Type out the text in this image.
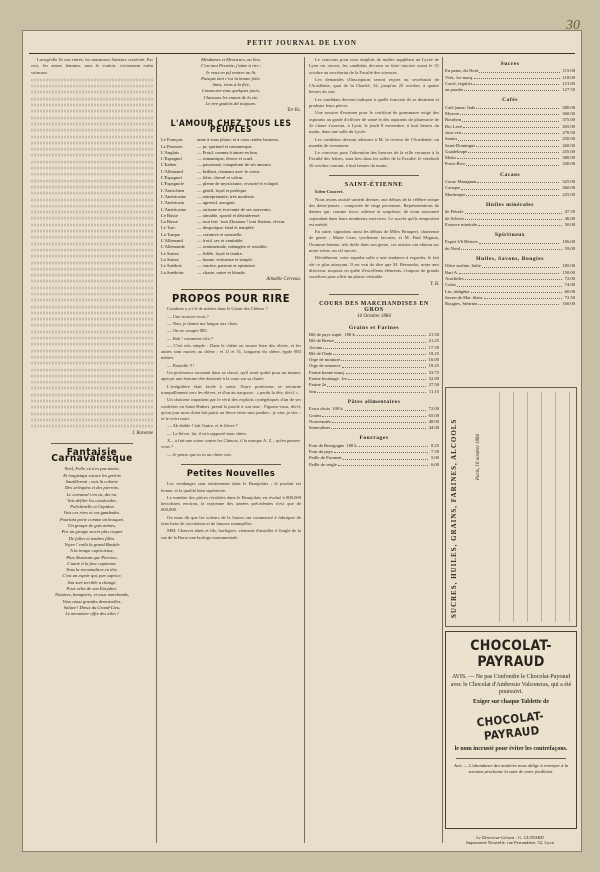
PETIT JOURNAL DE LYON

Lorsqu'elle fit son entrée, les murmures flatteurs cessèrent. Par ceci, les autres femmes, sans le vouloir, s'avouaient enfin vaincues.

J. Ravenne
Fantaisie Carnavalesque

Noel, Folle, tu n'es pas morte,

Et longtemps encore les grelots

Sautilleront ; vois la cohorte

Des arlequins et des pierrots.

Le carnaval s'en va, dis-on.

Vois défiler les cavalcades,

Polichinelle et Cupidon

Vois ces rires et ces gambades.

Pourtant porte comme un bouquet,

Un groupe de gais mimes,

Par un groupe secret plus coquet

De folles et tendres filles.

Voyez ! voilà la grand Bastide

A la troupe capricieuse,

Plus illustrant que Pierrine,

L'autre à la face capiteuse.

Vous la reconnaîtrez en tête,

C'est un espoir qui, par caprice,

Son sort terrible a changé.

Pour celui de son Eurydice.

Notaires, banquiers, et vous marchands,

Vous aussi grandes demoiselles,

Saluez ! Dieux du Grand-Lieu,

Le menuisier offre des ailes !

Mesdames et Messieurs, au lieu,
C'est moi Perrette, j'aime à rire ;
Je veux en pif rentrer au lit.
Puisque moi c'est la bonne folie.
Amis, riens à la fête,
Consacrez-vous quelques jours,
Chassons les ennuis de la vie,
Le rire gaulois dit toujours.

Tor Ks.
L'AMOUR CHEZ TOUS LES PEUPLES
Le Français	aime à vous plaire, et à vous rendre heureux.
Le Prussien	— pr, spirituel et romanesque.
L'Anglais	— Froid, comme à aimer en bon.
L'Espagnol	— romantique, féroce et cruel.
L'Italien	— passionné, conquérant de ses amours.
L'Allemand	— brillant, chantant avec le coeur.
L'Espagnol	— fière, cheval et valeur.
L'Espagnole	— pleine de mysticisme, vivacité et volupté.
L'Autrichien	— gentil, loyal et poétique.
L'Américaine	— entreprenante, très moderne.
L'Américain	— agressif, arrogant.
L'Américaine	— artisane et écrivante de ses souvenirs.
Le Russe	— aimable, sportif et désintéressé.
La Russe	— tout fort ' tout Zbonaux ! tout flatteur, rêveur.
Le Turc	— despotique, fatal et tempéré.
La Turque	— craintive et sensuelle.
L'Allemand	— froid, sec et vanitable.
L'Allemande	— sentimentale, ménagère et sensible.
Le Suisse	— fidèle, loyal et tendre.
La Suisse	— bonne, vertueuse et simple.
Le Suédois	— sincère, patriote et optimiste.
La Suédoise	— chaste, naïve et blonde.
Aimable Cerveau.
PROPOS POUR RIRE

Combien y a-t-il de mètres dans le Géant des Chênes ?

— Une trouvez-vous ?

— Non, je donne ma langue aux chats.

— On en compte 883.

— Bah ! comment cela ?

— C'est très simple : Dans le chêne on trouve bien des olives, et les autres sont mortes au chêne ; et 11 et 31, longueur du chêne, égale 883 mètres.

— Boutelle !!!

Un professeur racontait dans sa classe, qu'il avait quitté pour un instant, aperçut une énorme tête dessinée à la craie sur sa chaire.

L'irrégulière était facile à saisir. Notre professeur se retourne tranquillement vers les élèves, et d'un air narquois : « perdu la tête, dit-il. »

Un chasseur impatient par le récit des exploits cynégétiques d'un de ses confrères en Saint-Hubert, prend la parole à son tour : Figurez-vous, dit-il, qu'un jour mon chien fait partir un lièvre entre mes jambes ; je vise, je tire... et le voici mort.

— Ah diable ! fait l'autre, et le lièvre ?

— Le lièvre, lui, il m'a rapporté mon chien.

X... a fait une scène contre les Chinois, il la marque A. Z... qu'en pensez-vous ?

— Je pense que tu es un chien voir.

Petites Nouvelles

Les vendanges sont entièrement dans le Beaujolais ; le produit est bonne, et la qualité bien supérieure.

Le nombre des pièces récoltées dans le Beaujolais est évalué à 800,000 hectolitres environ, la moyenne des années précédentes n'est que de 600,000.

On nous dit que les voleurs de la Suisse ont commencé à fabriquer de faux bons de circulation et de fausses estampilles.

MM. Chauvet aînés et fils, horlogers, viennent d'installer à l'angle de la rue de la Barre une horloge monumentale.

Le concours pour trois emplois de maître suppléant au Lycée de Lyon est ouvert, les candidats devront se faire inscrire avant le 31 octobre au secrétariat de la Faculté des sciences.

Les demandes d'inscription seront reçues au secrétariat de l'Académie, quai de la Charité, 32, jusqu'au 25 octobre, à quatre heures du soir.

Les candidats devront indiquer à quelle fonction ils se destinent et produire leurs pièces.

Une session d'examen pour le certificat de grammaire exigé des aspirants au grade d'officier de santé et des aspirants de pharmacie de 2e classe s'ouvrira, à Lyon, le jeudi 8 novembre, à huit heures du matin, dans une salle du Lycée.

Les candidats devront adresser à M. le recteur de l'Académie, un mandat de versement.

Le concours pour l'obtention des bourses de la ville vacantes à la Faculté des lettres, aura lieu dans les salles de la Faculté, le vendredi 26 octobre courant, à huit heures du matin.

SAINT-ÉTIENNE
Eden-Concert.

Nous avons assisté samedi dernier, aux débuts de la célèbre troupe des demi-jeunes ; composée de vingt personnes. Représentations de danses qui, comme force, adresse et souplesse, de n'ont rencontré cependant dans leurs nombreux exercices. Le succès qu'ils remportent est mérité.

En outre, signalons aussi les débuts de Mlles Beaupert, chanteuse de genre ; Marie Caze, tyrolienne favorite, et M. Paul Mignon, l'homme-femme, très drôle dans son genre, ces artistes ont obtenu sur notre scène, un vif succès.

Décidément, cette superbe salle a une tendance à regarder, le fait sûr ce plus attrayant. Il est vrai de dire que M. Bernardot, notre ami directeur, toujours en quête d'excellents éléments, s'impose de grands sacrifices pour offrir un plaisir véritable.

T. B.
COURS DES MARCHANDISES EN GROS
16 Octobre 1884
Grains et Farines
Blé de pays supér. 100 k.	21.50
Blé de Bresse	21.25
Avoine	17.50
Blé de l'Inde	18.25
Orge de mouture	16.00
Orge de semence	18.25
Farine bonne marq.	33.75
Farine boulange. 1re	32.00
Farine 2e	27.50
Son	11.15
Pâtes alimentaires
Extra choix 100 k.	72.00
Grains	65.00
Nouveautés	48.00
Semoulines	44.00
Fourrages
Foin de Bourgogne 100 k.	8.25
Foin du pays	7.50
Paille de Froment	5.00
Paille de seigle	6.00
Sucres
En pains, du Nord	115.00
Vtés, 1re marq.	118.00
Cassé, régulier	121.00
en poudre	127.50
Cafés
Café jaune, Inde	380.00
Mysore	360.00
Bourbon	375.00
Rio Lavé	265.00
Java vert	270.00
Santos	250.00
Saint-Domingue	260.00
Guadeloupe	255.00
Moka	380.00
Porto-Rico	330.00
Cacaos
Cacao Maragnan	325.00
Caraque	360.00
Martinique	225.00
Huiles minérales
de Pétrole	47.50
de Schiste	46.00
Essence minérale	50.00
Spiritueux
Esprit 3/6 Béziers	106.00
du Nord	59.00
Huiles, Savons, Bougies
Olive surfine, Italie	185.00
Bari A.	150.00
Arachides	72.00
Colza	74.00
Lin, indigène	60.00
Savon de Mar. blanc	72.50
Bougies, Stéarine	160.00
SUCRES, HUILES, GRAINS, FARINES, ALCOOLS	Paris, 16 octobre 1884
CHOCOLAT-PAYRAUD
AVIS. — Ne pas Confondre le Chocolat-Payraud avec le Chocolat d'Ambrosio Valconeras, qui a été poursuivi.
Exiger sur chaque Tablette de
CHOCOLAT-PAYRAUD
le nom incrusté pour éviter les contrefaçons.
Avis. — L'abondance des matières nous oblige à renvoyer à la semaine prochaine la suite de notre feuilleton.
Le Directeur-Gérant : G. GUINARD
Imprimerie Nouvelle, rue Ferrandière, 52, Lyon
30
